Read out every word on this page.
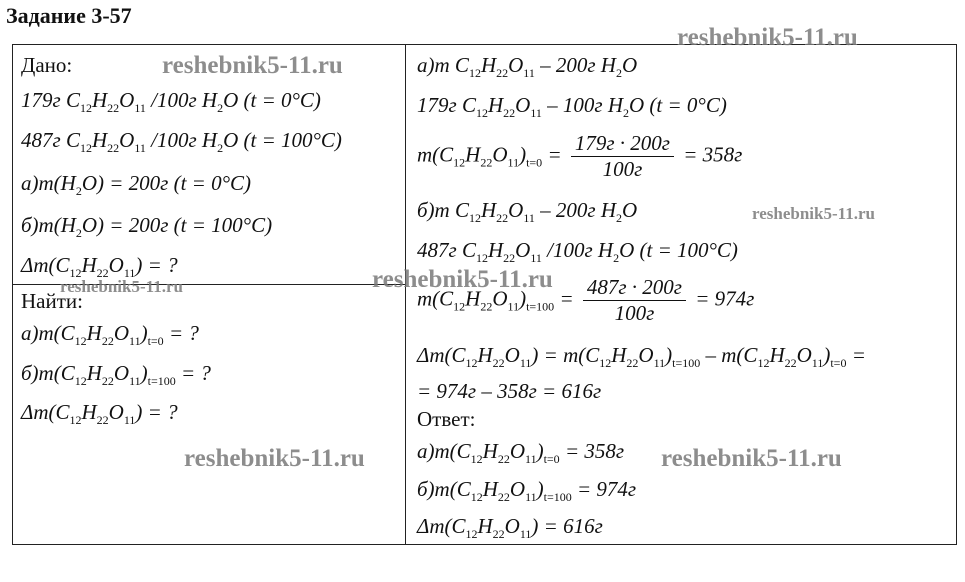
Задание 3-57
Дано:
179г $C_{12}H_{22}O_{11}$ /100г $H_2O$ (t = 0°C)
487г $C_{12}H_{22}O_{11}$ /100г $H_2O$ (t = 100°C)
$а)m(H_2O) = 200г$ (t = 0°C)
$б)m(H_2O) = 200г$ (t = 100°C)
$\Delta m(C_{12}H_{22}O_{11})$ = ?
Найти:
$а)m(C_{12}H_{22}O_{11})_{t=0}$ = ?
$б)m(C_{12}H_{22}O_{11})_{t=100}$ = ?
$\Delta m(C_{12}H_{22}O_{11})$ = ?
а)m $C_{12}H_{22}O_{11} - 200г$ $H_2O$
179г $C_{12}H_{22}O_{11} - 100г$ $H_2O$ (t = 0°C)
$m(C_{12}H_{22}O_{11})_{t=0} = \frac{179г \cdot 200г}{100г} = 358г$
б)m $C_{12}H_{22}O_{11} - 200г$ $H_2O$
487г $C_{12}H_{22}O_{11}$ /100г $H_2O$ (t = 100°C)
$m(C_{12}H_{22}O_{11})_{t=100} = \frac{487г \cdot 200г}{100г} = 974г$
$\Delta m(C_{12}H_{22}O_{11}) = m(C_{12}H_{22}O_{11})_{t=100} - m(C_{12}H_{22}O_{11})_{t=0}$ =
= 974г – 358г = 616г
Ответ:
$а)m(C_{12}H_{22}O_{11})_{t=0} = 358г$
$б)m(C_{12}H_{22}O_{11})_{t=100} = 974г$
$\Delta m(C_{12}H_{22}O_{11}) = 616г$
reshebnik5-11.ru
reshebnik5-11.ru
reshebnik5-11.ru
reshebnik5-11.ru
reshebnik5-11.ru
reshebnik5-11.ru	reshebnik5-11.ru
